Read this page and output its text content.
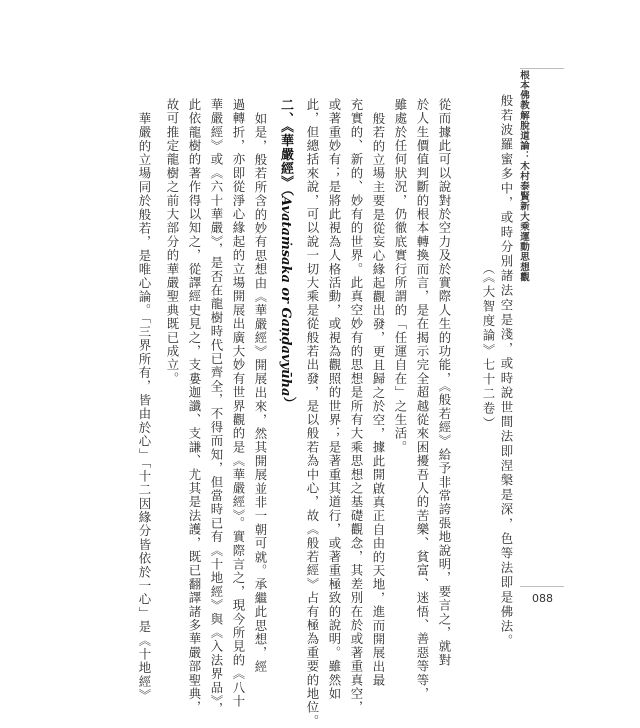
根本佛教解脫道論：木村泰賢新大乘運動思想觀

般若波羅蜜多中，或時分別諸法空是淺，或時說世間法即涅槃是深，色等法即是佛法。

（《大智度論》七十二卷）

從而據此可以說對於空力及於實際人生的功能，《般若經》給予非常誇張地說明，要言之，就對

於人生價值判斷的根本轉換而言，是在揭示完全超越從來困擾吾人的苦樂、貧富、迷悟、善惡等等，

雖處於任何狀況，仍徹底實行所謂的「任運自在」之生活。

般若的立場主要是從妄心緣起觀出發，更且歸之於空，據此開啟真正自由的天地，進而開展出最

充實的、新的、妙有的世界。此真空妙有的思想是所有大乘思想之基礎觀念，其差別在於或著重真空，

或著重妙有；是將此視為人格活動，或視為觀照的世界；是著重其道行，或著重極致的說明。雖然如

此，但總括來說，可以說一切大乘是從般若出發，是以般若為中心，故《般若經》占有極為重要的地位。

二、《華嚴經》（Avataṁsaka or Gaṇḍavyūha）

如是，般若所含的妙有思想由《華嚴經》開展出來，然其開展並非一朝可就。承繼此思想，經

過轉折，亦即從淨心緣起的立場開展出廣大妙有世界觀的是《華嚴經》。實際言之，現今所見的《八十

華嚴經》或《六十華嚴》，是否在龍樹時代已齊全，不得而知，但當時已有《十地經》與《入法界品》，

此依龍樹的著作得以知之，從譯經史見之，支婁迦讖、支謙、尤其是法護，既已翻譯諸多華嚴部聖典，

故可推定龍樹之前大部分的華嚴聖典既已成立。

華嚴的立場同於般若，是唯心論。「三界所有，皆由於心」「十二因緣分皆依於一心」是《十地經》	088
